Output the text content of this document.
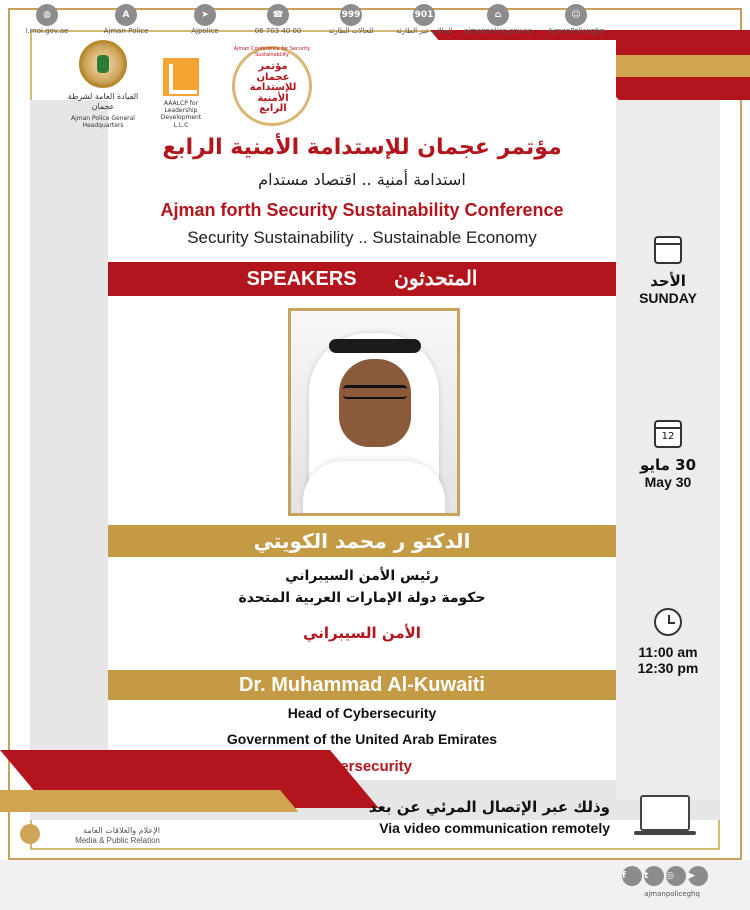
القيادة العامة لشرطة عجمان
Ajman Police General Headquarters
AAALCP for Leadership Development L.L.C
Ajman Conference for Security Sustainability
مؤتمر عجمان للإستدامة الأمنية الرابع
مؤتمر عجمان للإستدامة الأمنية الرابع
استدامة أمنية .. اقتصاد مستدام
Ajman forth Security Sustainability Conference
Security Sustainability .. Sustainable Economy
SPEAKERS المتحدثون
الدكتو ر محمد الكويتي
رئيس الأمن السيبراني
حكومة دولة الإمارات العربية المتحدة
الأمن السيبراني
Dr. Muhammad Al-Kuwaiti
Head of Cybersecurity
Government of the United Arab Emirates
Cybersecurity
الأحد
SUNDAY
12
30 مايو
May 30
11:00 am
12:30 pm
وذلك عبر الإتصال المرئي عن بعد
Via video communication remotely
الإعلام والعلاقات العامة
Media & Public Relation
◍
i.moi.gov.ae
A
Ajman Police
➤
Ajpolice
☎
06 703 40 00
999
للحالات الطارئة
901
للحالات غير الطارئة
⌂
ajmanpolice.gov.ae
☺
AjmanPoliceghq
f	t	◎	▶
ajmanpoliceghq
